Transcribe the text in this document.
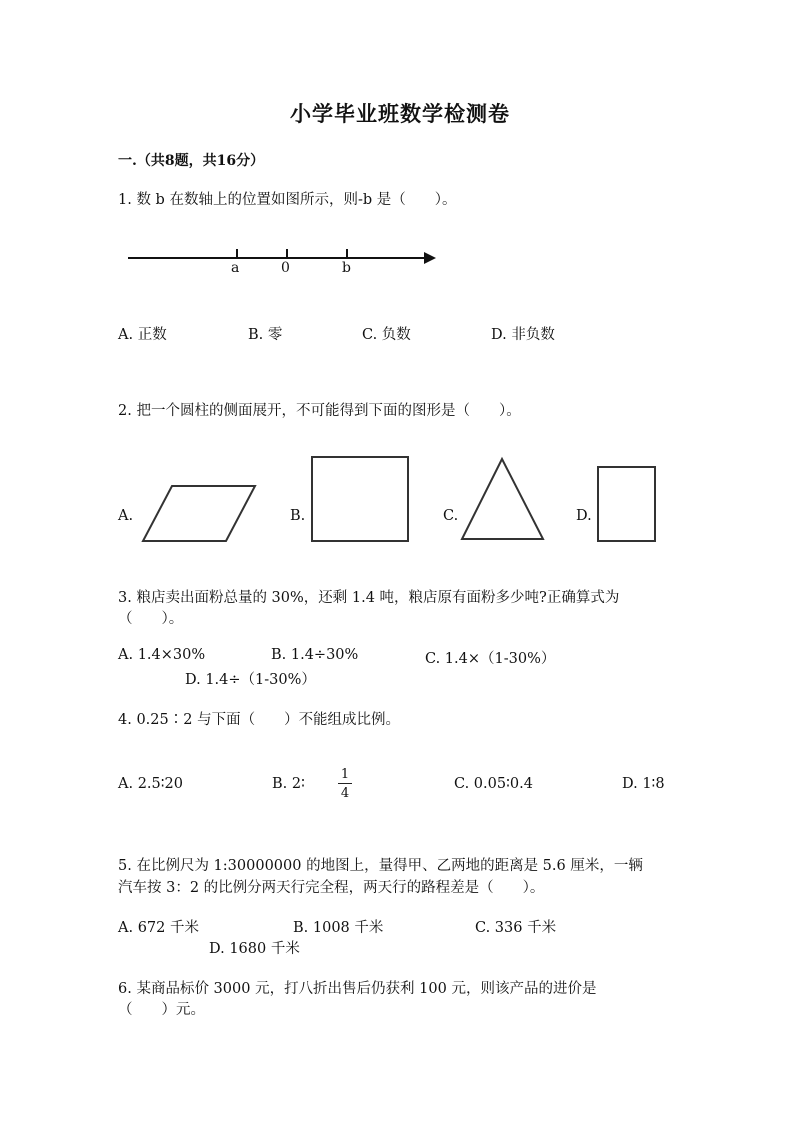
小学毕业班数学检测卷
一.（共8题，共16分）
1. 数 b 在数轴上的位置如图所示，则-b 是（　　）。
a	0	b
A. 正数	B. 零	C. 负数	D. 非负数
2. 把一个圆柱的侧面展开，不可能得到下面的图形是（　　）。
A.	B.	C.	D.
3. 粮店卖出面粉总量的 30%，还剩 1.4 吨，粮店原有面粉多少吨?正确算式为
（　　）。
A. 1.4×30%	B. 1.4÷30%	C. 1.4×（1-30%）
D. 1.4÷（1-30%）
4. 0.25∶2 与下面（　　）不能组成比例。
A. 2.5∶20	B. 2∶
1
4
C. 0.05∶0.4	D. 1∶8
5. 在比例尺为 1:30000000 的地图上，量得甲、乙两地的距离是 5.6 厘米，一辆
汽车按 3：2 的比例分两天行完全程，两天行的路程差是（　　）。
A. 672 千米	B. 1008 千米	C. 336 千米
D. 1680 千米
6. 某商品标价 3000 元，打八折出售后仍获利 100 元，则该产品的进价是
（　　）元。
